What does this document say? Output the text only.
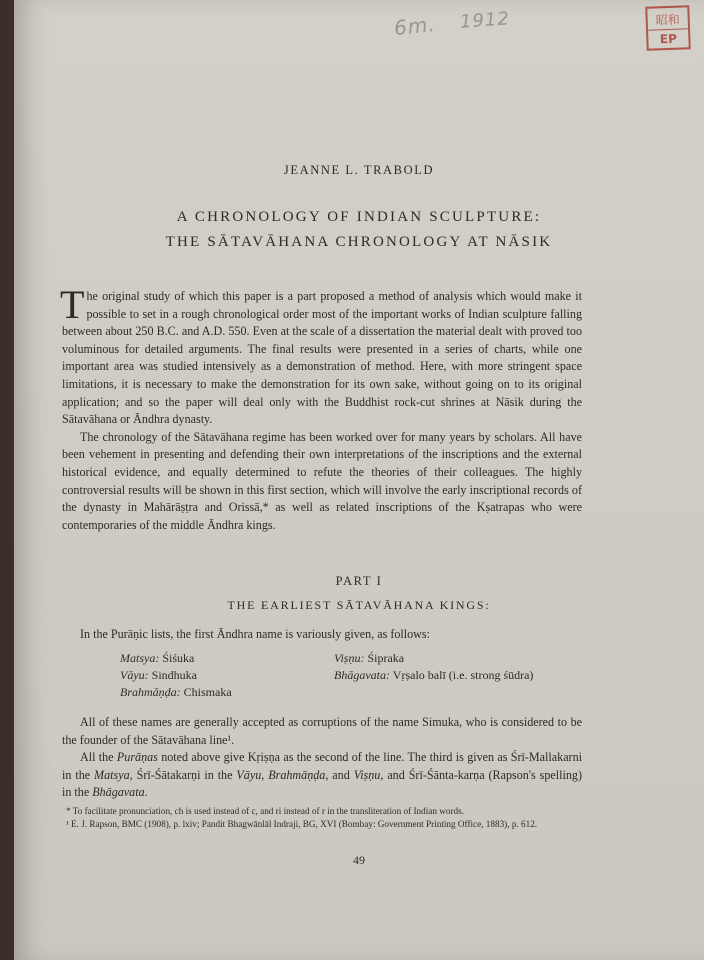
6m. 1912	昭和
EP
JEANNE L. TRABOLD
A CHRONOLOGY OF INDIAN SCULPTURE:
THE SĀTAVĀHANA CHRONOLOGY AT NĀSIK

The original study of which this paper is a part proposed a method of analysis which would make it possible to set in a rough chronological order most of the important works of Indian sculpture falling between about 250 B.C. and A.D. 550. Even at the scale of a dissertation the material dealt with proved too voluminous for detailed arguments. The final results were presented in a series of charts, while one important area was studied intensively as a demonstration of method. Here, with more stringent space limitations, it is necessary to make the demonstration for its own sake, without going on to its original application; and so the paper will deal only with the Buddhist rock-cut shrines at Nāsik during the Sātavāhana or Āndhra dynasty.

The chronology of the Sātavāhana regime has been worked over for many years by scholars. All have been vehement in presenting and defending their own interpretations of the inscriptions and the external historical evidence, and equally determined to refute the theories of their colleagues. The highly controversial results will be shown in this first section, which will involve the early inscriptional records of the dynasty in Mahārāṣṭra and Orissā,* as well as related inscriptions of the Kṣatrapas who were contemporaries of the middle Āndhra kings.

PART I
THE EARLIEST SĀTAVĀHANA KINGS:

In the Purāṇic lists, the first Āndhra name is variously given, as follows:

Matsya: Śiśuka
Vāyu: Sindhuka
Brahmāṇḍa: Chismaka
Viṣṇu: Śipraka
Bhāgavata: Vṛṣalo balī (i.e. strong śūdra)

All of these names are generally accepted as corruptions of the name Simuka, who is considered to be the founder of the Sātavāhana line¹.

All the Purāṇas noted above give Kṛiṣṇa as the second of the line. The third is given as Śrī-Mallakarni in the Matsya, Śrī-Śātakarṇi in the Vāyu, Brahmāṇḍa, and Viṣṇu, and Śrī-Śānta-karṇa (Rapson's spelling) in the Bhāgavata.

* To facilitate pronunciation, ch is used instead of c, and ri instead of r in the transliteration of Indian words.
¹ E. J. Rapson, BMC (1908), p. lxiv; Pandit Bhagwānlāl Indraji, BG, XVI (Bombay: Government Printing Office, 1883), p. 612.
49
